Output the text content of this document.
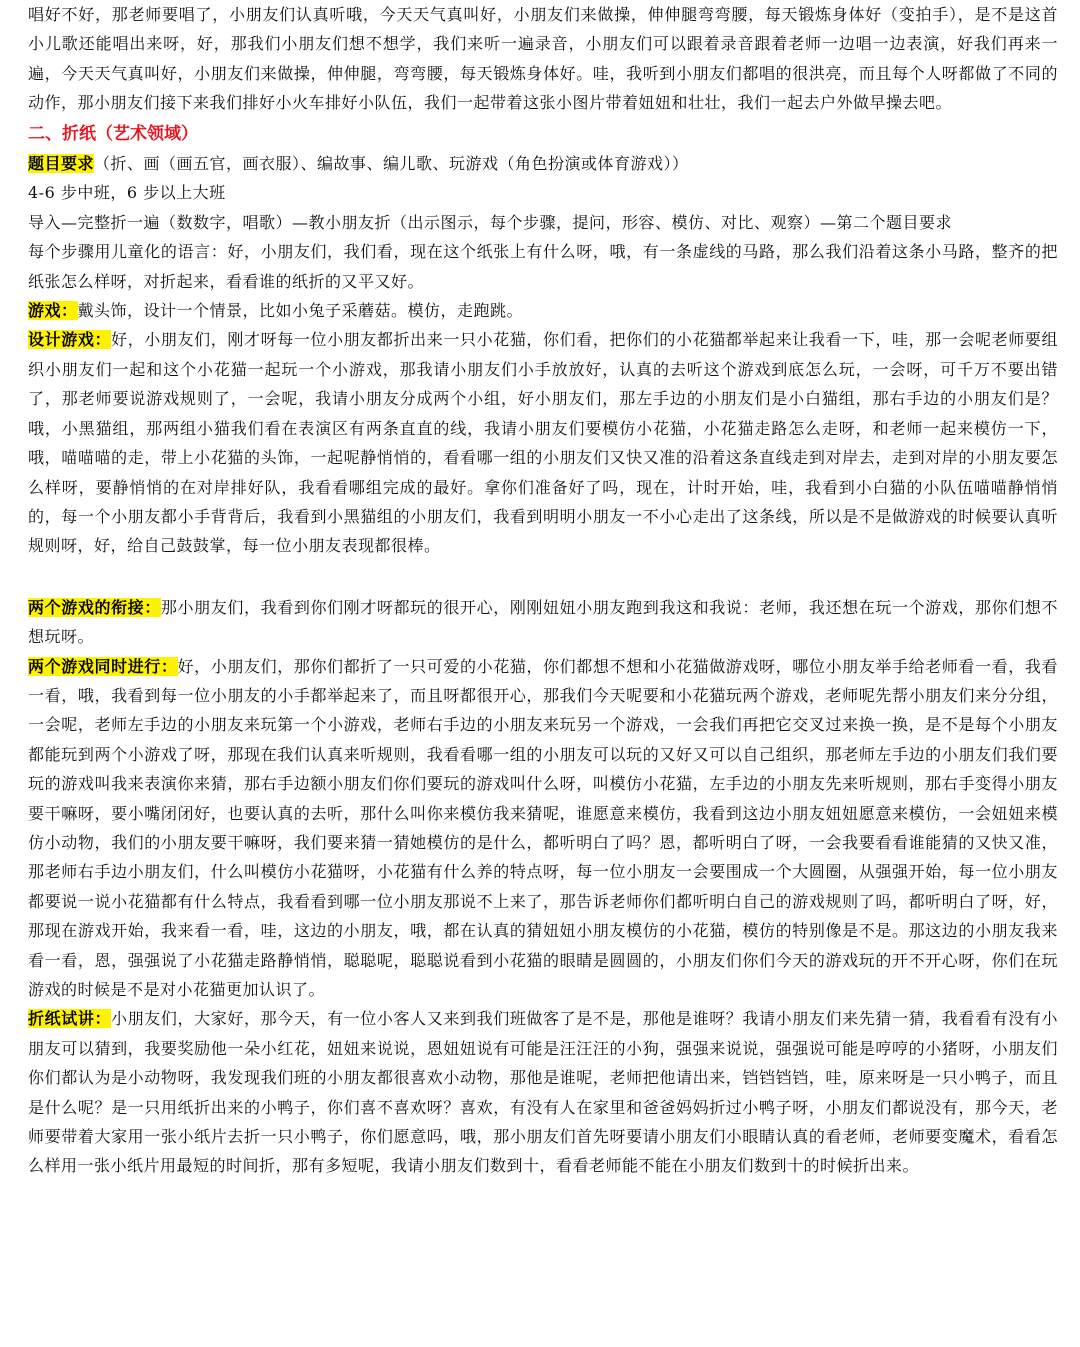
唱好不好，那老师要唱了，小朋友们认真听哦，今天天气真叫好，小朋友们来做操，伸伸腿弯弯腰，每天锻炼身体好（变拍手），是不是这首小儿歌还能唱出来呀，好，那我们小朋友们想不想学，我们来听一遍录音，小朋友们可以跟着录音跟着老师一边唱一边表演，好我们再来一遍，今天天气真叫好，小朋友们来做操，伸伸腿，弯弯腰，每天锻炼身体好。哇，我听到小朋友们都唱的很洪亮，而且每个人呀都做了不同的动作，那小朋友们接下来我们排好小火车排好小队伍，我们一起带着这张小图片带着妞妞和壮壮，我们一起去户外做早操去吧。

二、折纸（艺术领域）

题目要求（折、画（画五官，画衣服）、编故事、编儿歌、玩游戏（角色扮演或体育游戏））

4-6 步中班，6 步以上大班

导入—完整折一遍（数数字，唱歌）—教小朋友折（出示图示，每个步骤，提问，形容、模仿、对比、观察）—第二个题目要求

每个步骤用儿童化的语言：好，小朋友们，我们看，现在这个纸张上有什么呀，哦，有一条虚线的马路，那么我们沿着这条小马路，整齐的把纸张怎么样呀，对折起来，看看谁的纸折的又平又好。

游戏：戴头饰，设计一个情景，比如小兔子采蘑菇。模仿，走跑跳。

设计游戏：好，小朋友们，刚才呀每一位小朋友都折出来一只小花猫，你们看，把你们的小花猫都举起来让我看一下，哇，那一会呢老师要组织小朋友们一起和这个小花猫一起玩一个小游戏，那我请小朋友们小手放放好，认真的去听这个游戏到底怎么玩，一会呀，可千万不要出错了，那老师要说游戏规则了，一会呢，我请小朋友分成两个小组，好小朋友们，那左手边的小朋友们是小白猫组，那右手边的小朋友们是？哦，小黑猫组，那两组小猫我们看在表演区有两条直直的线，我请小朋友们要模仿小花猫，小花猫走路怎么走呀，和老师一起来模仿一下，哦，喵喵喵的走，带上小花猫的头饰，一起呢静悄悄的，看看哪一组的小朋友们又快又准的沿着这条直线走到对岸去，走到对岸的小朋友要怎么样呀，要静悄悄的在对岸排好队，我看看哪组完成的最好。拿你们准备好了吗，现在，计时开始，哇，我看到小白猫的小队伍喵喵静悄悄的，每一个小朋友都小手背背后，我看到小黑猫组的小朋友们，我看到明明小朋友一不小心走出了这条线，所以是不是做游戏的时候要认真听规则呀，好，给自己鼓鼓掌，每一位小朋友表现都很棒。

两个游戏的衔接：那小朋友们，我看到你们刚才呀都玩的很开心，刚刚妞妞小朋友跑到我这和我说：老师，我还想在玩一个游戏，那你们想不想玩呀。

两个游戏同时进行：好，小朋友们，那你们都折了一只可爱的小花猫，你们都想不想和小花猫做游戏呀，哪位小朋友举手给老师看一看，我看一看，哦，我看到每一位小朋友的小手都举起来了，而且呀都很开心，那我们今天呢要和小花猫玩两个游戏，老师呢先帮小朋友们来分分组，一会呢，老师左手边的小朋友来玩第一个小游戏，老师右手边的小朋友来玩另一个游戏，一会我们再把它交叉过来换一换，是不是每个小朋友都能玩到两个小游戏了呀，那现在我们认真来听规则，我看看哪一组的小朋友可以玩的又好又可以自己组织，那老师左手边的小朋友们我们要玩的游戏叫我来表演你来猜，那右手边额小朋友们你们要玩的游戏叫什么呀，叫模仿小花猫，左手边的小朋友先来听规则，那右手变得小朋友要干嘛呀，要小嘴闭闭好，也要认真的去听，那什么叫你来模仿我来猜呢，谁愿意来模仿，我看到这边小朋友妞妞愿意来模仿，一会妞妞来模仿小动物，我们的小朋友要干嘛呀，我们要来猜一猜她模仿的是什么，都听明白了吗？恩，都听明白了呀，一会我要看看谁能猜的又快又准，那老师右手边小朋友们，什么叫模仿小花猫呀，小花猫有什么养的特点呀，每一位小朋友一会要围成一个大圆圈，从强强开始，每一位小朋友都要说一说小花猫都有什么特点，我看看到哪一位小朋友那说不上来了，那告诉老师你们都听明白自己的游戏规则了吗，都听明白了呀，好，那现在游戏开始，我来看一看，哇，这边的小朋友，哦，都在认真的猜妞妞小朋友模仿的小花猫，模仿的特别像是不是。那这边的小朋友我来看一看，恩，强强说了小花猫走路静悄悄，聪聪呢，聪聪说看到小花猫的眼睛是圆圆的，小朋友们你们今天的游戏玩的开不开心呀，你们在玩游戏的时候是不是对小花猫更加认识了。

折纸试讲：小朋友们，大家好，那今天，有一位小客人又来到我们班做客了是不是，那他是谁呀？我请小朋友们来先猜一猜，我看看有没有小朋友可以猜到，我要奖励他一朵小红花，妞妞来说说，恩妞妞说有可能是汪汪汪的小狗，强强来说说，强强说可能是哼哼的小猪呀，小朋友们你们都认为是小动物呀，我发现我们班的小朋友都很喜欢小动物，那他是谁呢，老师把他请出来，铛铛铛铛，哇，原来呀是一只小鸭子，而且是什么呢？是一只用纸折出来的小鸭子，你们喜不喜欢呀？喜欢，有没有人在家里和爸爸妈妈折过小鸭子呀，小朋友们都说没有，那今天，老师要带着大家用一张小纸片去折一只小鸭子，你们愿意吗，哦，那小朋友们首先呀要请小朋友们小眼睛认真的看老师，老师要变魔术，看看怎么样用一张小纸片用最短的时间折，那有多短呢，我请小朋友们数到十，看看老师能不能在小朋友们数到十的时候折出来。
